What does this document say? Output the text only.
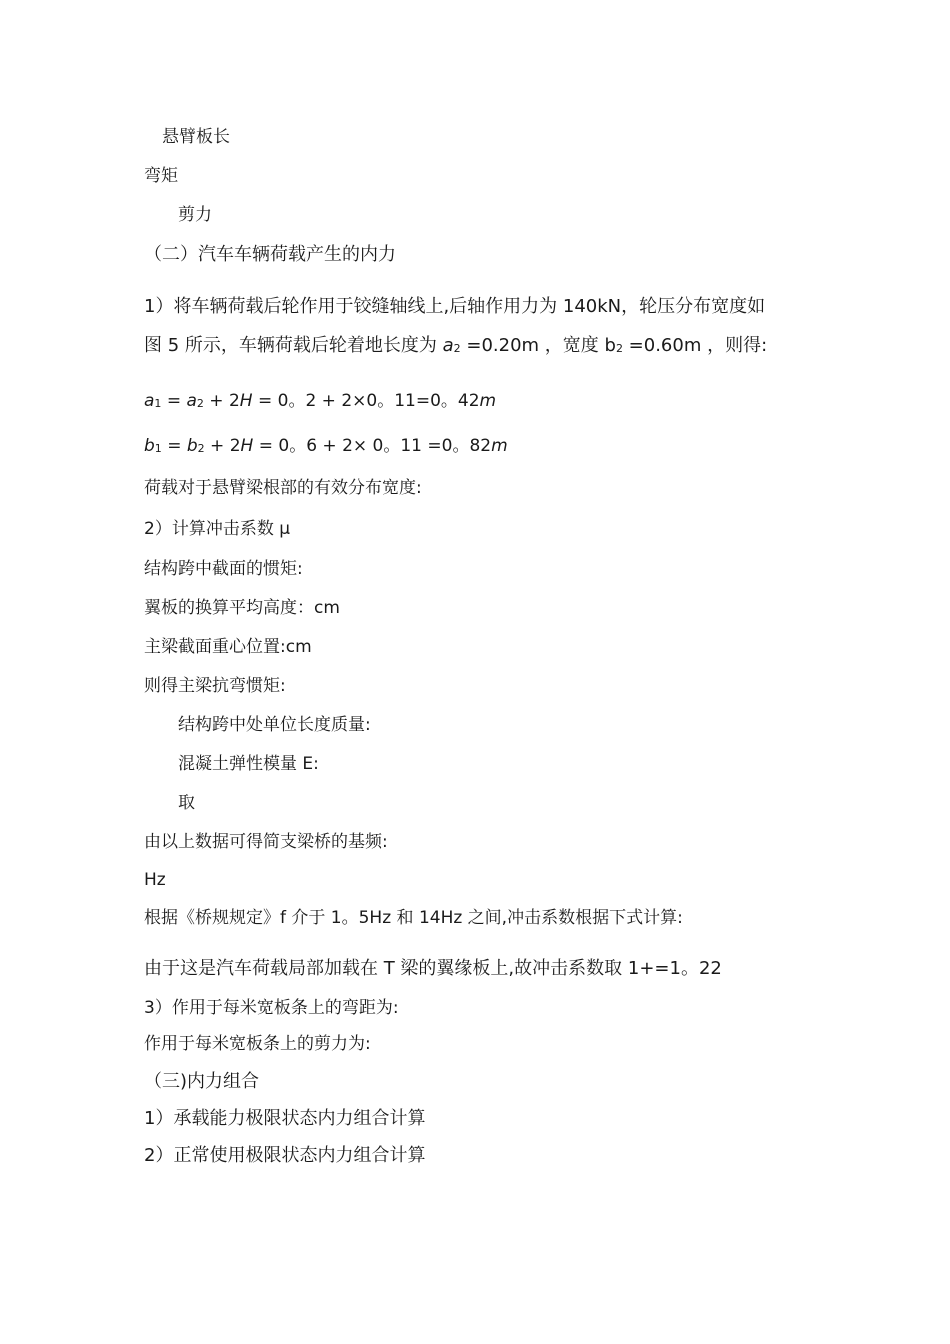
悬臂板长
弯矩
剪力
（二）汽车车辆荷载产生的内力
1）将车辆荷载后轮作用于铰缝轴线上,后轴作用力为 140kN，轮压分布宽度如
图 5 所示，车辆荷载后轮着地长度为 a2 =0.20m ，宽度 b2 =0.60m ，则得:
a1 = a2 + 2H = 0。2 + 2×0。11=0。42m
b1 = b2 + 2H = 0。6 + 2× 0。11 =0。82m
荷载对于悬臂梁根部的有效分布宽度:
2）计算冲击系数 μ
结构跨中截面的惯矩:
翼板的换算平均高度：cm
主梁截面重心位置:cm
则得主梁抗弯惯矩:
结构跨中处单位长度质量:
混凝土弹性模量 E:
取
由以上数据可得简支梁桥的基频:
Hz
根据《桥规规定》f 介于 1。5Hz 和 14Hz 之间,冲击系数根据下式计算:
由于这是汽车荷载局部加载在 T 梁的翼缘板上,故冲击系数取 1+=1。22
3）作用于每米宽板条上的弯距为:
作用于每米宽板条上的剪力为:
（三)内力组合
1）承载能力极限状态内力组合计算
2）正常使用极限状态内力组合计算
